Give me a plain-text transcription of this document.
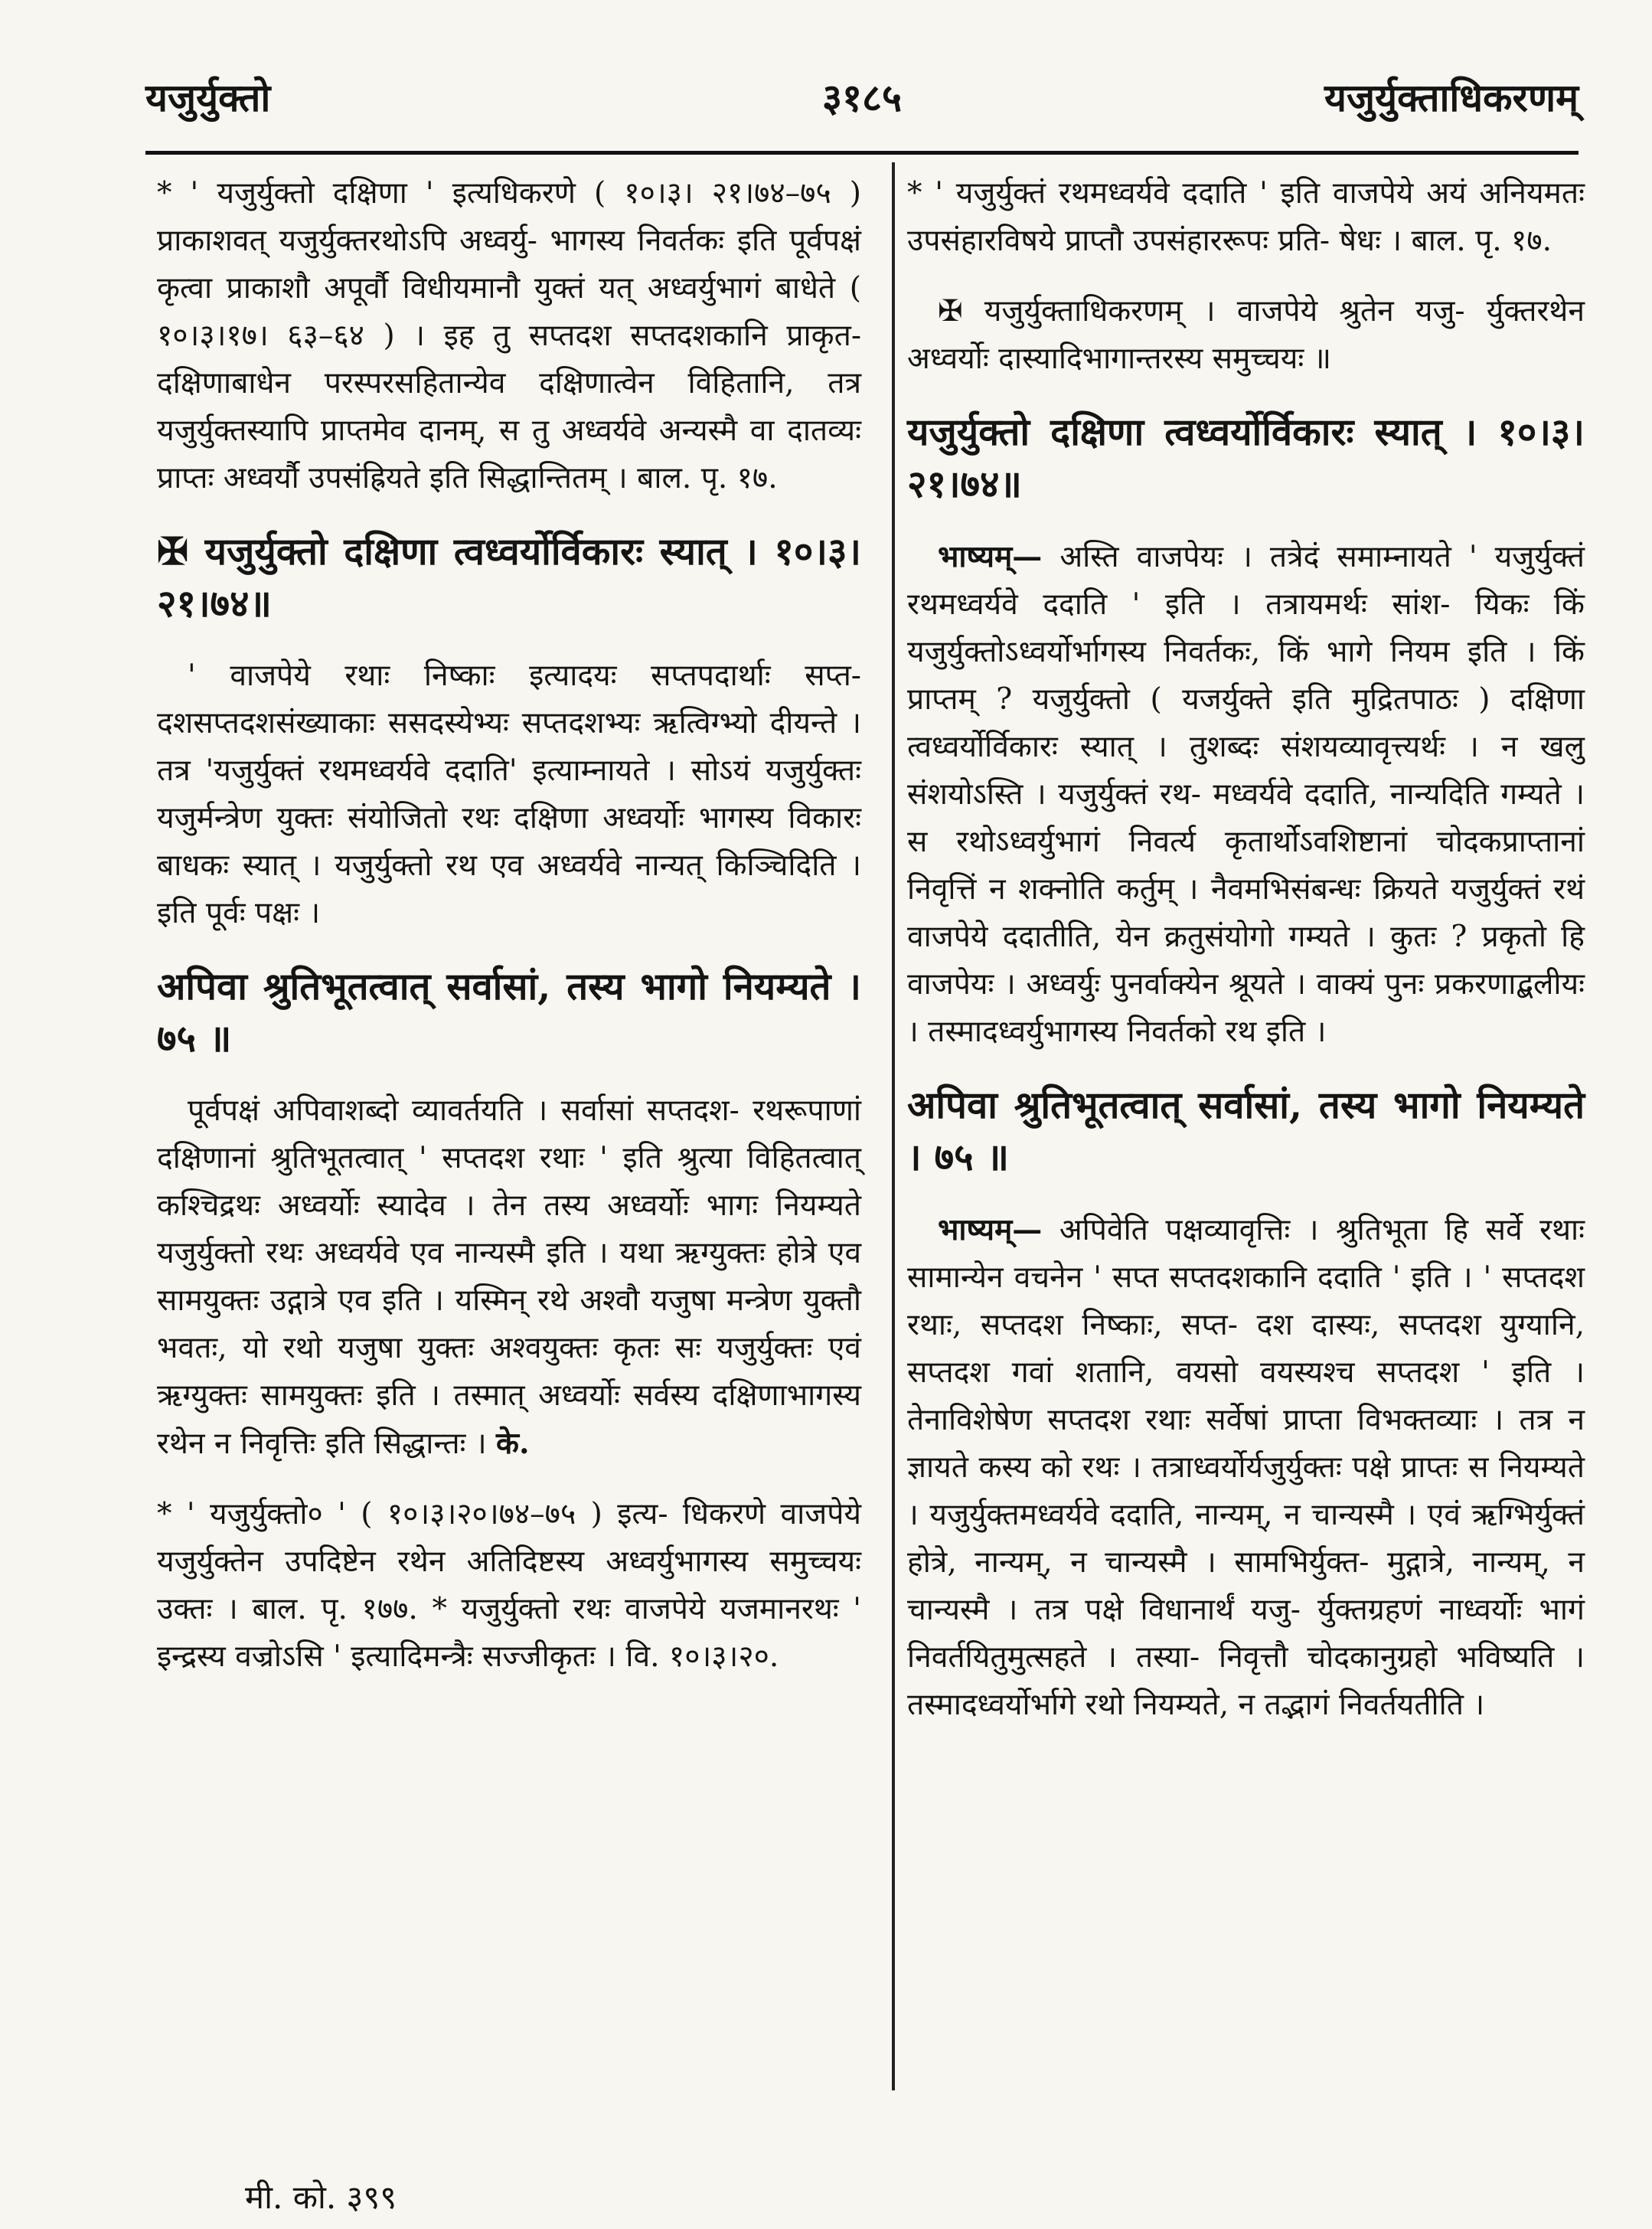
यजुर्युक्तो	३१८५	यजुर्युक्ताधिकरणम्

* ' यजुर्युक्तो दक्षिणा ' इत्यधिकरणे ( १०।३। २१।७४–७५ ) प्राकाशवत् यजुर्युक्तरथोऽपि अध्वर्यु- भागस्य निवर्तकः इति पूर्वपक्षं कृत्वा प्राकाशौ अपूर्वौ विधीयमानौ युक्तं यत् अध्वर्युभागं बाधेते ( १०।३।१७। ६३–६४ ) । इह तु सप्तदश सप्तदशकानि प्राकृत- दक्षिणाबाधेन परस्परसहितान्येव दक्षिणात्वेन विहितानि, तत्र यजुर्युक्तस्यापि प्राप्तमेव दानम्, स तु अध्वर्यवे अन्यस्मै वा दातव्यः प्राप्तः अध्वर्यौ उपसंह्रियते इति सिद्धान्तितम् । बाल. पृ. १७.

✠ यजुर्युक्तो दक्षिणा त्वध्वर्योर्विकारः स्यात् । १०।३।२१।७४॥

' वाजपेये रथाः निष्काः इत्यादयः सप्तपदार्थाः सप्त- दशसप्तदशसंख्याकाः ससदस्येभ्यः सप्तदशभ्यः ऋत्विग्भ्यो दीयन्ते । तत्र 'यजुर्युक्तं रथमध्वर्यवे ददाति' इत्याम्नायते । सोऽयं यजुर्युक्तः यजुर्मन्त्रेण युक्तः संयोजितो रथः दक्षिणा अध्वर्योः भागस्य विकारः बाधकः स्यात् । यजुर्युक्तो रथ एव अध्वर्यवे नान्यत् किञ्चिदिति । इति पूर्वः पक्षः ।

अपिवा श्रुतिभूतत्वात् सर्वासां, तस्य भागो नियम्यते । ७५ ॥

पूर्वपक्षं अपिवाशब्दो व्यावर्तयति । सर्वासां सप्तदश- रथरूपाणां दक्षिणानां श्रुतिभूतत्वात् ' सप्तदश रथाः ' इति श्रुत्या विहितत्वात् कश्चिद्रथः अध्वर्योः स्यादेव । तेन तस्य अध्वर्योः भागः नियम्यते यजुर्युक्तो रथः अध्वर्यवे एव नान्यस्मै इति । यथा ऋग्युक्तः होत्रे एव सामयुक्तः उद्गात्रे एव इति । यस्मिन् रथे अश्वौ यजुषा मन्त्रेण युक्तौ भवतः, यो रथो यजुषा युक्तः अश्वयुक्तः कृतः सः यजुर्युक्तः एवं ऋग्युक्तः सामयुक्तः इति । तस्मात् अध्वर्योः सर्वस्य दक्षिणाभागस्य रथेन न निवृत्तिः इति सिद्धान्तः । के.

* ' यजुर्युक्तो० ' ( १०।३।२०।७४–७५ ) इत्य- धिकरणे वाजपेये यजुर्युक्तेन उपदिष्टेन रथेन अतिदिष्टस्य अध्वर्युभागस्य समुच्चयः उक्तः । बाल. पृ. १७७. * यजुर्युक्तो रथः वाजपेये यजमानरथः ' इन्द्रस्य वज्रोऽसि ' इत्यादिमन्त्रैः सज्जीकृतः । वि. १०।३।२०.

* ' यजुर्युक्तं रथमध्वर्यवे ददाति ' इति वाजपेये अयं अनियमतः उपसंहारविषये प्राप्तौ उपसंहाररूपः प्रति- षेधः । बाल. पृ. १७.

✠ यजुर्युक्ताधिकरणम् । वाजपेये श्रुतेन यजु- र्युक्तरथेन अध्वर्योः दास्यादिभागान्तरस्य समुच्चयः ॥

यजुर्युक्तो दक्षिणा त्वध्वर्योर्विकारः स्यात् । १०।३।२१।७४॥

भाष्यम्— अस्ति वाजपेयः । तत्रेदं समाम्नायते ' यजुर्युक्तं रथमध्वर्यवे ददाति ' इति । तत्रायमर्थः सांश- यिकः किं यजुर्युक्तोऽध्वर्योर्भागस्य निवर्तकः, किं भागे नियम इति । किं प्राप्तम् ? यजुर्युक्तो ( यजर्युक्ते इति मुद्रितपाठः ) दक्षिणा त्वध्वर्योर्विकारः स्यात् । तुशब्दः संशयव्यावृत्त्यर्थः । न खलु संशयोऽस्ति । यजुर्युक्तं रथ- मध्वर्यवे ददाति, नान्यदिति गम्यते । स रथोऽध्वर्युभागं निवर्त्य कृतार्थोऽवशिष्टानां चोदकप्राप्तानां निवृत्तिं न शक्नोति कर्तुम् । नैवमभिसंबन्धः क्रियते यजुर्युक्तं रथं वाजपेये ददातीति, येन क्रतुसंयोगो गम्यते । कुतः ? प्रकृतो हि वाजपेयः । अध्वर्युः पुनर्वाक्येन श्रूयते । वाक्यं पुनः प्रकरणाद्बलीयः । तस्मादध्वर्युभागस्य निवर्तको रथ इति ।

अपिवा श्रुतिभूतत्वात् सर्वासां, तस्य भागो नियम्यते । ७५ ॥

भाष्यम्— अपिवेति पक्षव्यावृत्तिः । श्रुतिभूता हि सर्वे रथाः सामान्येन वचनेन ' सप्त सप्तदशकानि ददाति ' इति । ' सप्तदश रथाः, सप्तदश निष्काः, सप्त- दश दास्यः, सप्तदश युग्यानि, सप्तदश गवां शतानि, वयसो वयस्यश्च सप्तदश ' इति । तेनाविशेषेण सप्तदश रथाः सर्वेषां प्राप्ता विभक्तव्याः । तत्र न ज्ञायते कस्य को रथः । तत्राध्वर्योर्यजुर्युक्तः पक्षे प्राप्तः स नियम्यते । यजुर्युक्तमध्वर्यवे ददाति, नान्यम्, न चान्यस्मै । एवं ऋग्भिर्युक्तं होत्रे, नान्यम्, न चान्यस्मै । सामभिर्युक्त- मुद्गात्रे, नान्यम्, न चान्यस्मै । तत्र पक्षे विधानार्थं यजु- र्युक्तग्रहणं नाध्वर्योः भागं निवर्तयितुमुत्सहते । तस्या- निवृत्तौ चोदकानुग्रहो भविष्यति । तस्मादध्वर्योर्भागे रथो नियम्यते, न तद्भागं निवर्तयतीति ।

मी. को. ३९९
